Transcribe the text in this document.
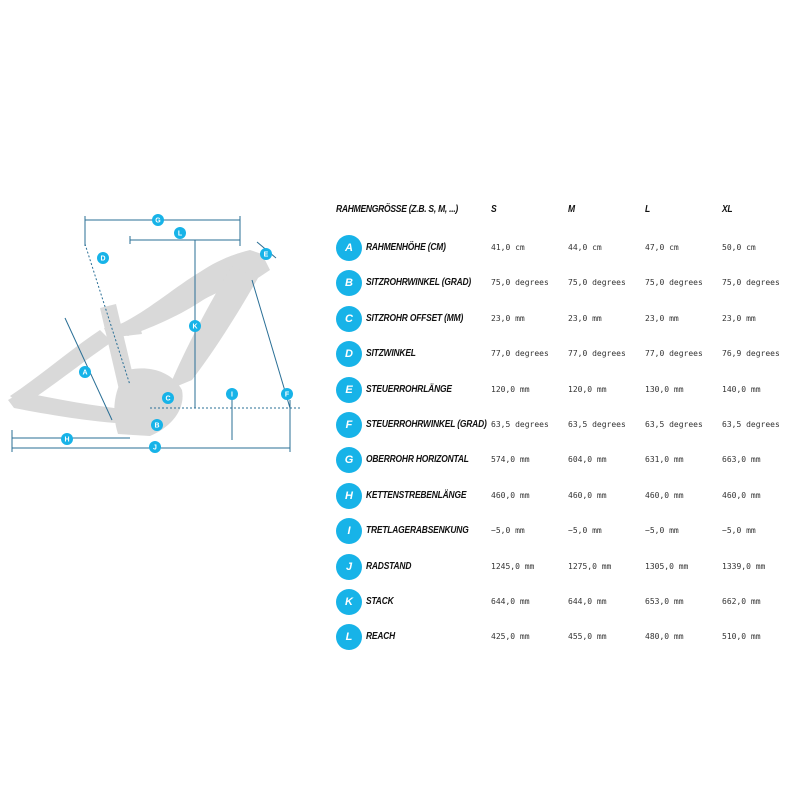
G
L
E
D
K
A
C
I	F
B
H
J
RAHMENGRÖSSE (Z.B. S, M, ...)	S	M	L	XL
A	RAHMENHÖHE (CM)	41,0 cm	44,0 cm	47,0 cm	50,0 cm
B	SITZROHRWINKEL (GRAD) 75,0 degrees 75,0 degrees 75,0 degrees 75,0 degrees
C	SITZROHR OFFSET (MM)	23,0 mm	23,0 mm	23,0 mm	23,0 mm
D	SITZWINKEL	77,0 degrees 77,0 degrees 77,0 degrees 76,9 degrees
E	STEUERROHRLÄNGE	120,0 mm	120,0 mm	130,0 mm	140,0 mm
F	STEUERROHRWINKEL (GRAD) 63,5 degrees 63,5 degrees 63,5 degrees 63,5 degrees
G	OBERROHR HORIZONTAL	574,0 mm	604,0 mm	631,0 mm	663,0 mm
H	KETTENSTREBENLÄNGE	460,0 mm	460,0 mm	460,0 mm	460,0 mm
I	TRETLAGERABSENKUNG	−5,0 mm	−5,0 mm	−5,0 mm	−5,0 mm
J	RADSTAND	1245,0 mm	1275,0 mm	1305,0 mm	1339,0 mm
K	STACK	644,0 mm	644,0 mm	653,0 mm	662,0 mm
L	REACH	425,0 mm	455,0 mm	480,0 mm	510,0 mm
